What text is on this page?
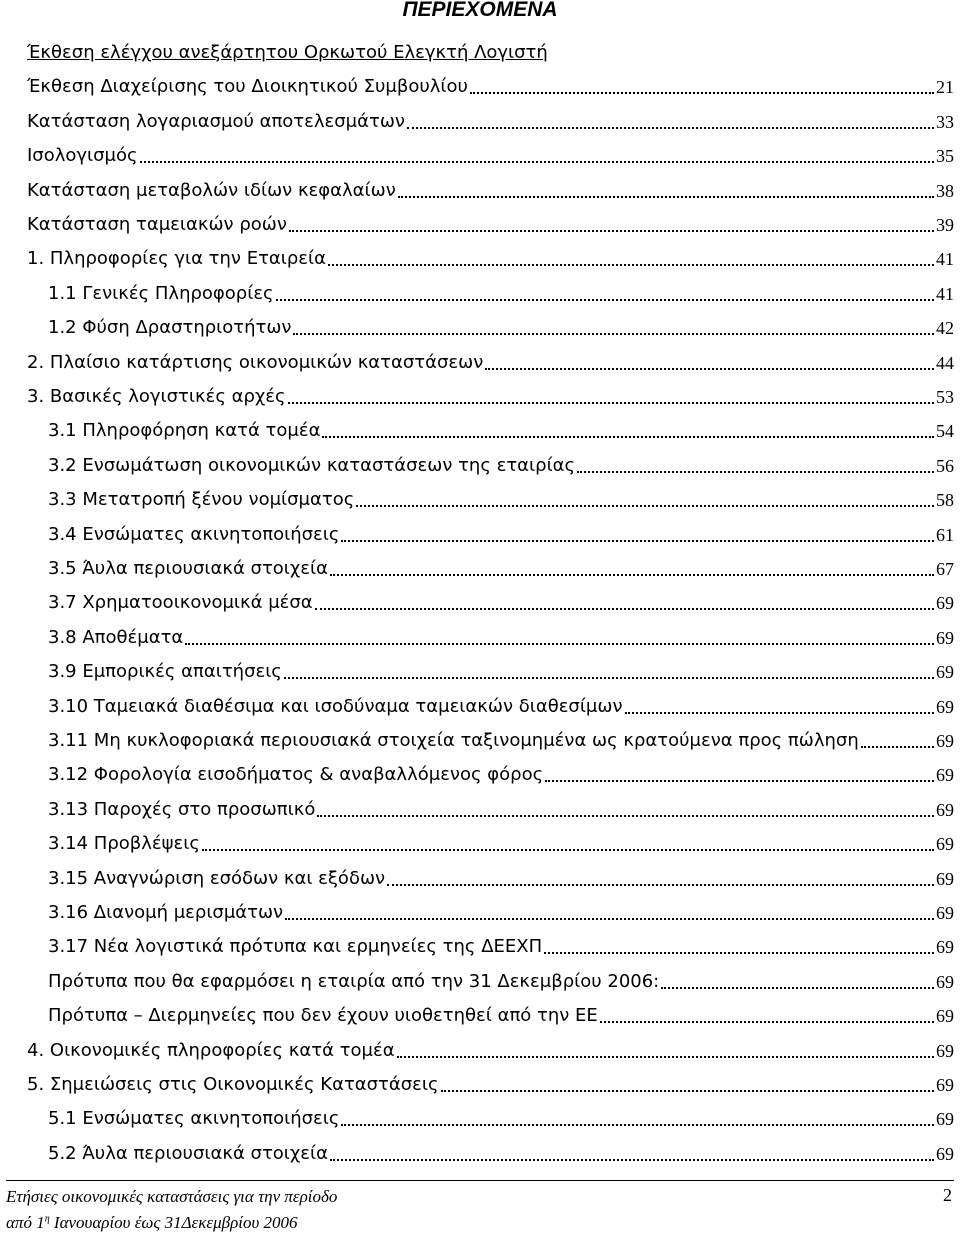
ΠΕΡΙΕΧΟΜΕΝΑ
Έκθεση ελέγχου ανεξάρτητου Ορκωτού Ελεγκτή Λογιστή
Έκθεση Διαχείρισης του Διοικητικού Συμβουλίου	21
Κατάσταση λογαριασμού αποτελεσμάτων	33
Ισολογισμός	35
Κατάσταση μεταβολών ιδίων κεφαλαίων	38
Κατάσταση ταμειακών ροών	39
1. Πληροφορίες για την Εταιρεία	41
1.1 Γενικές Πληροφορίες	41
1.2 Φύση Δραστηριοτήτων	42
2. Πλαίσιο κατάρτισης οικονομικών καταστάσεων	44
3. Βασικές λογιστικές αρχές	53
3.1 Πληροφόρηση κατά τομέα	54
3.2 Ενσωμάτωση οικονομικών καταστάσεων της εταιρίας	56
3.3 Μετατροπή ξένου νομίσματος	58
3.4 Ενσώματες ακινητοποιήσεις	61
3.5 Άυλα περιουσιακά στοιχεία	67
3.7 Χρηματοοικονομικά μέσα	69
3.8 Αποθέματα	69
3.9 Εμπορικές απαιτήσεις	69
3.10 Ταμειακά διαθέσιμα και ισοδύναμα ταμειακών διαθεσίμων	69
3.11 Μη κυκλοφοριακά περιουσιακά στοιχεία ταξινομημένα ως κρατούμενα προς πώληση	69
3.12 Φορολογία εισοδήματος & αναβαλλόμενος φόρος	69
3.13 Παροχές στο προσωπικό	69
3.14 Προβλέψεις	69
3.15 Αναγνώριση εσόδων και εξόδων	69
3.16 Διανομή μερισμάτων	69
3.17 Νέα λογιστικά πρότυπα και ερμηνείες της ΔΕΕΧΠ	69
Πρότυπα που θα εφαρμόσει η εταιρία από την 31 Δεκεμβρίου 2006:	69
Πρότυπα – Διερμηνείες που δεν έχουν υιοθετηθεί από την ΕΕ	69
4. Οικονομικές πληροφορίες κατά τομέα	69
5. Σημειώσεις στις Οικονομικές Καταστάσεις	69
5.1 Ενσώματες ακινητοποιήσεις	69
5.2 Άυλα περιουσιακά στοιχεία	69
Ετήσιες οικονομικές καταστάσεις για την περίοδο
από $1^\eta$ Ιανουαρίου έως 31Δεκεμβρίου 2006
2
